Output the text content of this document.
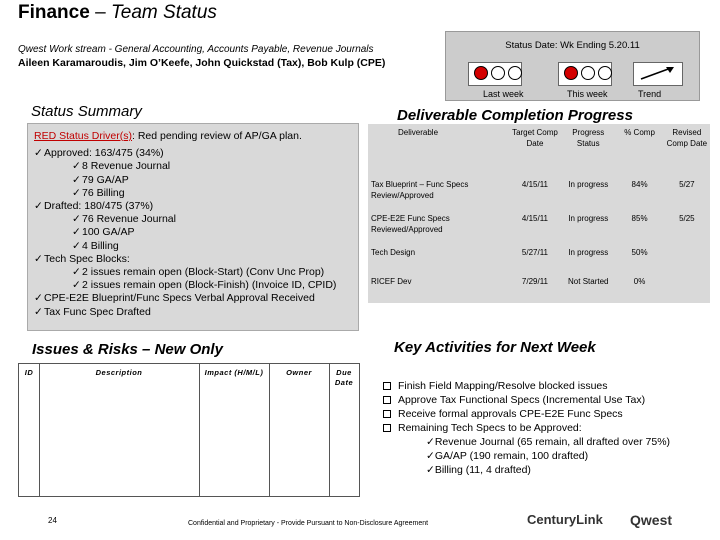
Finance – Team Status
Qwest Work stream - General Accounting, Accounts Payable, Revenue Journals
Aileen Karamaroudis, Jim O’Keefe, John Quickstad (Tax), Bob Kulp (CPE)
Status Date: Wk Ending 5.20.11
Last week	This week	Trend
Status Summary
RED Status Driver(s): Red pending review of AP/GA plan.
✓ Approved: 163/475 (34%)
✓ 8 Revenue Journal
✓ 79 GA/AP
✓ 76 Billing
✓ Drafted: 180/475 (37%)
✓ 76 Revenue Journal
✓ 100 GA/AP
✓ 4 Billing
✓ Tech Spec Blocks:
✓ 2 issues remain open (Block-Start) (Conv Unc Prop)
✓ 2 issues remain open (Block-Finish) (Invoice ID, CPID)
✓ CPE-E2E Blueprint/Func Specs Verbal Approval Received
✓ Tax Func Spec Drafted
Deliverable Completion Progress
Deliverable	Target Comp Date	Progress Status	% Comp	Revised Comp Date
Tax Blueprint – Func Specs Review/Approved	4/15/11	In progress	84%	5/27
CPE-E2E Func Specs Reviewed/Approved	4/15/11	In progress	85%	5/25
Tech Design	5/27/11	In progress	50%	
RICEF Dev	7/29/11	Not Started	0%	
Issues & Risks – New Only
ID	Description	Impact (H/M/L)	Owner	Due Date
Key Activities for Next Week
Finish Field Mapping/Resolve blocked issues
Approve Tax Functional Specs (Incremental Use Tax)
Receive formal approvals CPE-E2E Func Specs
Remaining Tech Specs to be Approved:
✓Revenue Journal (65 remain, all drafted over 75%)
✓GA/AP (190 remain, 100 drafted)
✓Billing (11, 4 drafted)
24	Confidential and Proprietary - Provide Pursuant to Non-Disclosure Agreement	CenturyLink Qwest
